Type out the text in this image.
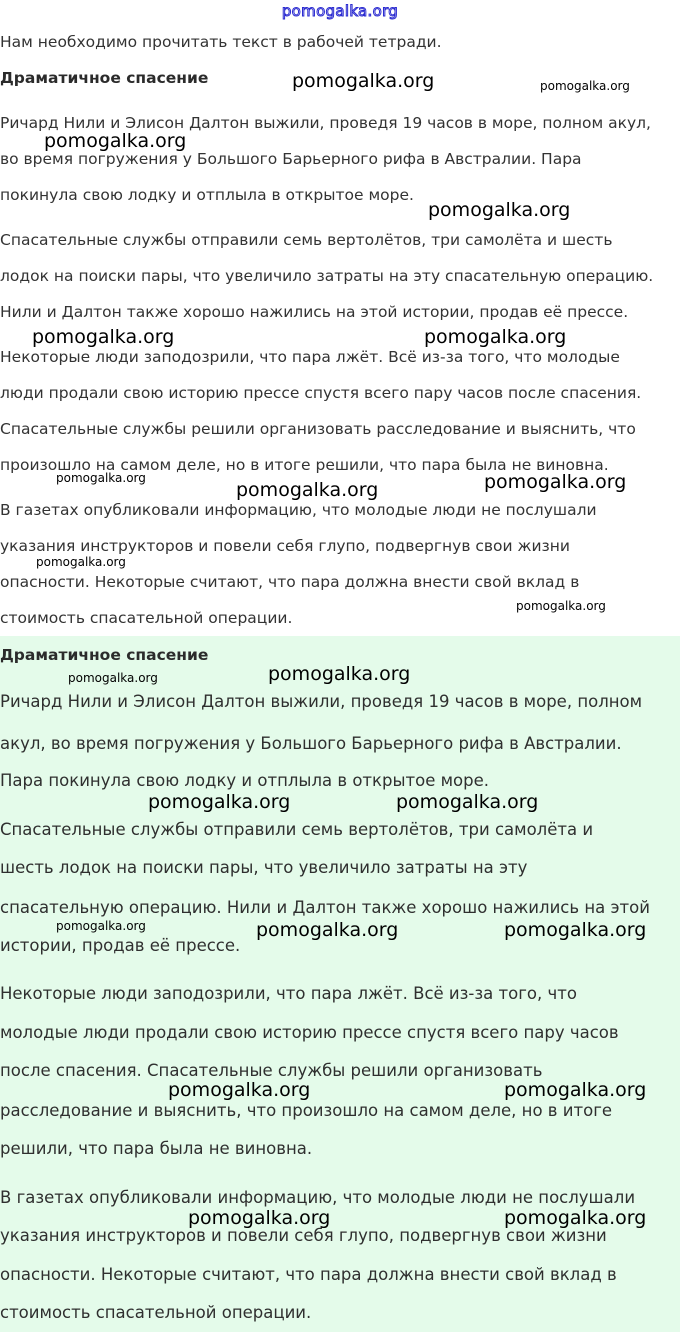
pomogalka.org
Нам необходимо прочитать текст в рабочей тетради.
Драматичное спасение
Ричард Нили и Элисон Далтон выжили, проведя 19 часов в море, полном акул,
во время погружения у Большого Барьерного рифа в Австралии. Пара
покинула свою лодку и отплыла в открытое море.
Спасательные службы отправили семь вертолётов, три самолёта и шесть
лодок на поиски пары, что увеличило затраты на эту спасательную операцию.
Нили и Далтон также хорошо нажились на этой истории, продав её прессе.
Некоторые люди заподозрили, что пара лжёт. Всё из-за того, что молодые
люди продали свою историю прессе спустя всего пару часов после спасения.
Спасательные службы решили организовать расследование и выяснить, что
произошло на самом деле, но в итоге решили, что пара была не виновна.
В газетах опубликовали информацию, что молодые люди не послушали
указания инструкторов и повели себя глупо, подвергнув свои жизни
опасности. Некоторые считают, что пара должна внести свой вклад в
стоимость спасательной операции.
Драматичное спасение
Ричард Нили и Элисон Далтон выжили, проведя 19 часов в море, полном
акул, во время погружения у Большого Барьерного рифа в Австралии.
Пара покинула свою лодку и отплыла в открытое море.
Спасательные службы отправили семь вертолётов, три самолёта и
шесть лодок на поиски пары, что увеличило затраты на эту
спасательную операцию. Нили и Далтон также хорошо нажились на этой
истории, продав её прессе.
Некоторые люди заподозрили, что пара лжёт. Всё из-за того, что
молодые люди продали свою историю прессе спустя всего пару часов
после спасения. Спасательные службы решили организовать
расследование и выяснить, что произошло на самом деле, но в итоге
решили, что пара была не виновна.
В газетах опубликовали информацию, что молодые люди не послушали
указания инструкторов и повели себя глупо, подвергнув свои жизни
опасности. Некоторые считают, что пара должна внести свой вклад в
стоимость спасательной операции.
pomogalka.org	pomogalka.org
pomogalka.org
pomogalka.org
pomogalka.org	pomogalka.org
pomogalka.org
pomogalka.org	pomogalka.org
pomogalka.org
pomogalka.org
pomogalka.org
pomogalka.org
pomogalka.org	pomogalka.org
pomogalka.org	pomogalka.org	pomogalka.org
pomogalka.org	pomogalka.org
pomogalka.org	pomogalka.org
